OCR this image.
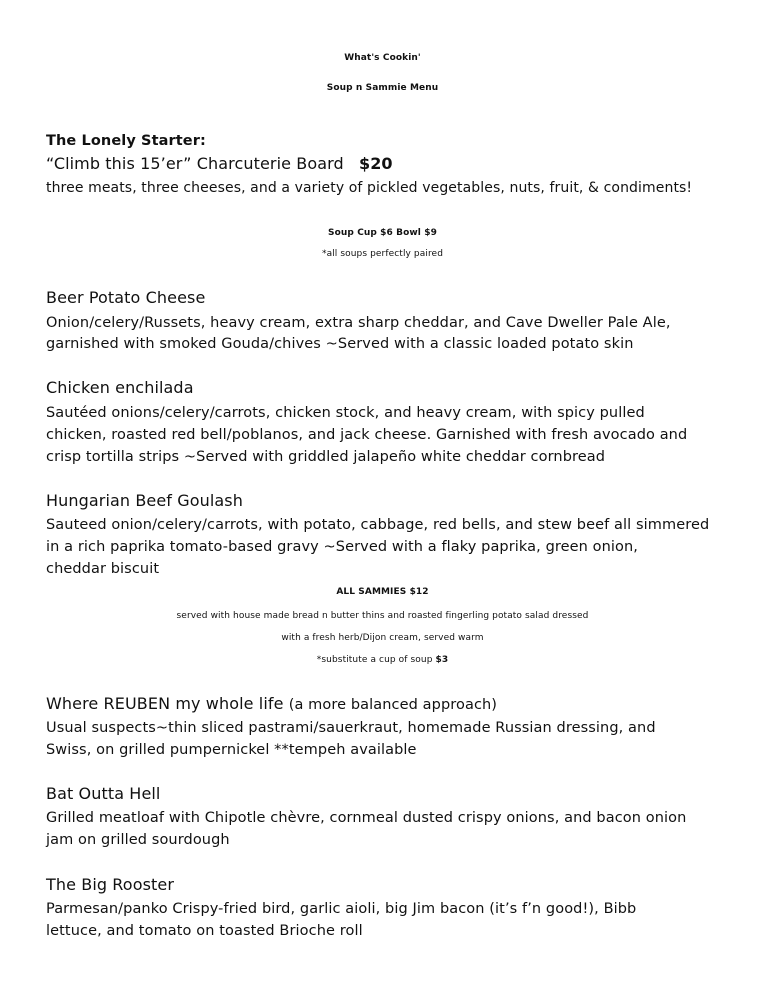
What's Cookin'
Soup n Sammie Menu
The Lonely Starter:
“Climb this 15’er” Charcuterie Board $20
three meats, three cheeses, and a variety of pickled vegetables, nuts, fruit, & condiments!
Soup Cup $6 Bowl $9
*all soups perfectly paired
Beer Potato Cheese
Onion/celery/Russets, heavy cream, extra sharp cheddar, and Cave Dweller Pale Ale,
garnished with smoked Gouda/chives ~Served with a classic loaded potato skin
Chicken enchilada
Sautéed onions/celery/carrots, chicken stock, and heavy cream, with spicy pulled
chicken, roasted red bell/poblanos, and jack cheese. Garnished with fresh avocado and
crisp tortilla strips ~Served with griddled jalapeño white cheddar cornbread
Hungarian Beef Goulash
Sauteed onion/celery/carrots, with potato, cabbage, red bells, and stew beef all simmered
in a rich paprika tomato-based gravy ~Served with a flaky paprika, green onion,
cheddar biscuit
ALL SAMMIES $12
served with house made bread n butter thins and roasted fingerling potato salad dressed
with a fresh herb/Dijon cream, served warm
*substitute a cup of soup $3
Where REUBEN my whole life (a more balanced approach)
Usual suspects~thin sliced pastrami/sauerkraut, homemade Russian dressing, and
Swiss, on grilled pumpernickel **tempeh available
Bat Outta Hell
Grilled meatloaf with Chipotle chèvre, cornmeal dusted crispy onions, and bacon onion
jam on grilled sourdough
The Big Rooster
Parmesan/panko Crispy-fried bird, garlic aioli, big Jim bacon (it’s f’n good!), Bibb
lettuce, and tomato on toasted Brioche roll
